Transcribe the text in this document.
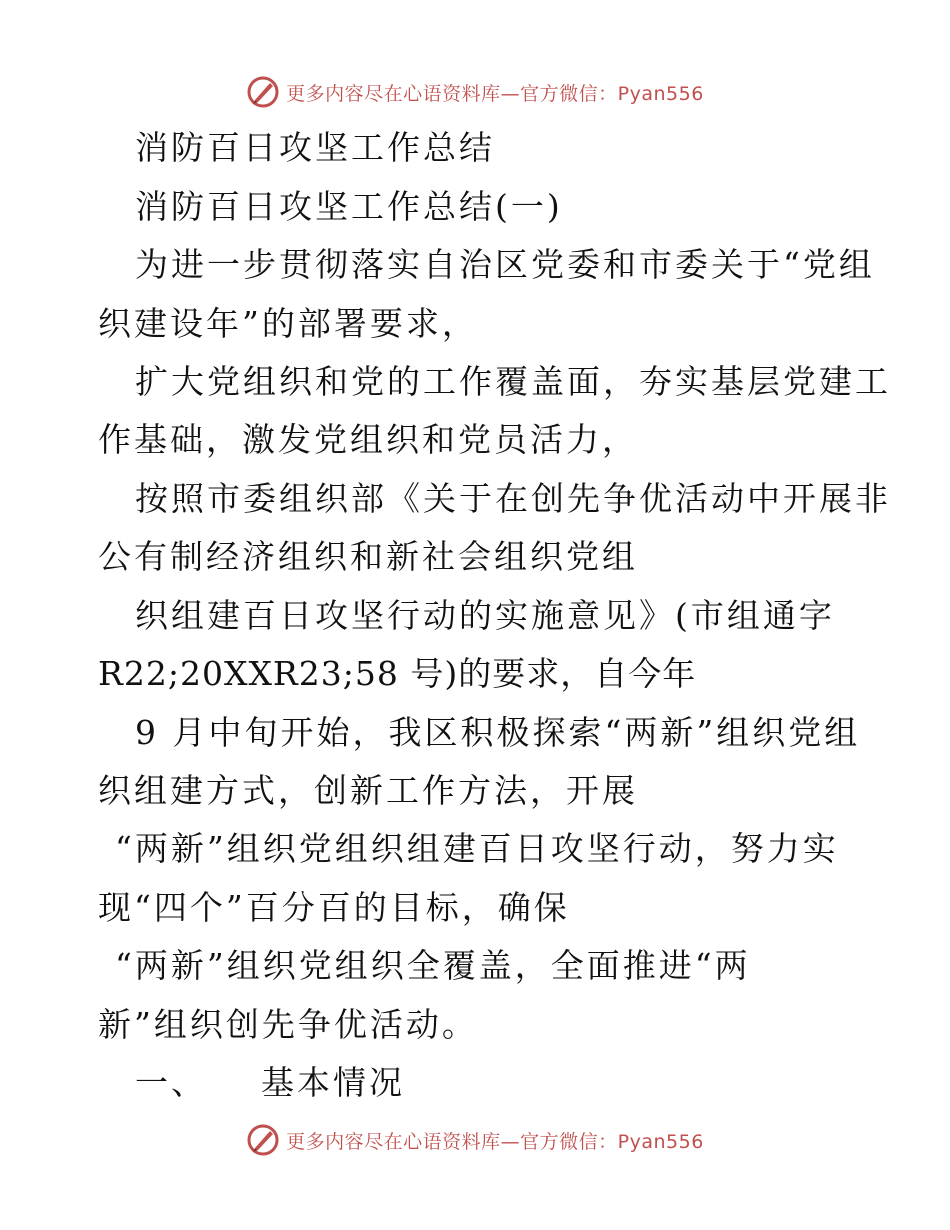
更多内容尽在心语资料库—官方微信：Pyan556
消防百日攻坚工作总结
消防百日攻坚工作总结(一)
为进一步贯彻落实自治区党委和市委关于“党组
织建设年”的部署要求，
扩大党组织和党的工作覆盖面，夯实基层党建工
作基础，激发党组织和党员活力，
按照市委组织部《关于在创先争优活动中开展非
公有制经济组织和新社会组织党组
织组建百日攻坚行动的实施意见》(市组通字
R22;20XXR23;58 号)的要求，自今年
9 月中旬开始，我区积极探索“两新”组织党组
织组建方式，创新工作方法，开展
“两新”组织党组织组建百日攻坚行动，努力实
现“四个”百分百的目标，确保
“两新”组织党组织全覆盖，全面推进“两
新”组织创先争优活动。
一、    基本情况
更多内容尽在心语资料库—官方微信：Pyan556
